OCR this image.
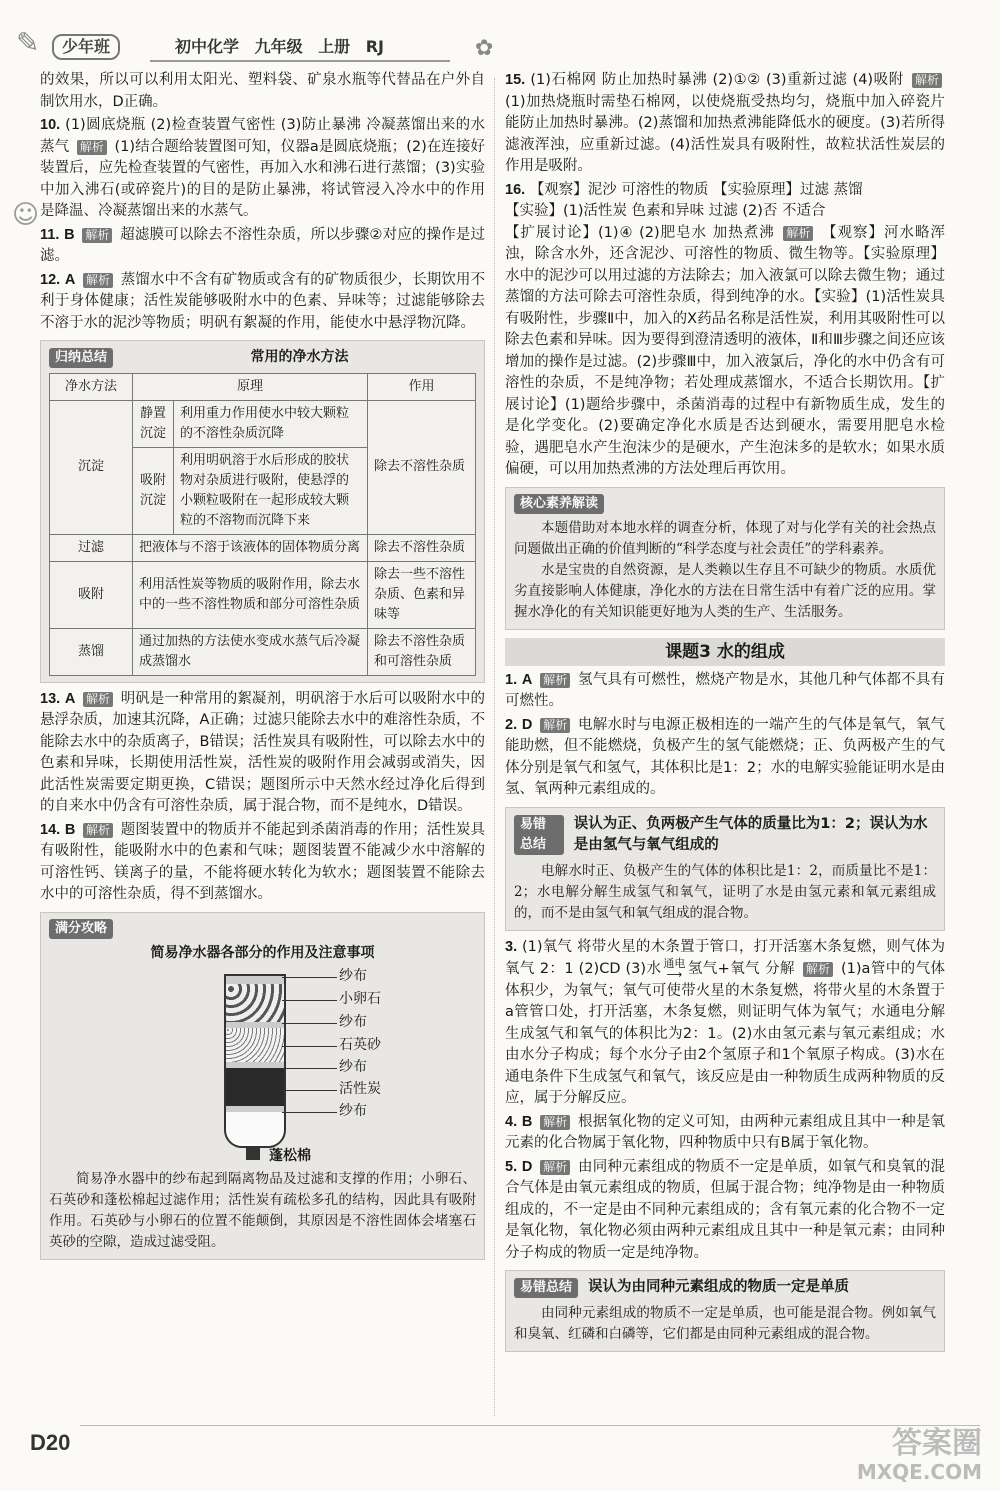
✎	少年班	初中化学 九年级 上册 RJ	✿
☺

的效果，所以可以利用太阳光、塑料袋、矿泉水瓶等代替品在户外自制饮用水，D正确。

10. (1)圆底烧瓶 (2)检查装置气密性 (3)防止暴沸 冷凝蒸馏出来的水蒸气 解析 (1)结合题给装置图可知，仪器a是圆底烧瓶；(2)在连接好装置后，应先检查装置的气密性，再加入水和沸石进行蒸馏；(3)实验中加入沸石(或碎瓷片)的目的是防止暴沸，将试管浸入冷水中的作用是降温、冷凝蒸馏出来的水蒸气。

11. B 解析 超滤膜可以除去不溶性杂质，所以步骤②对应的操作是过滤。

12. A 解析 蒸馏水中不含有矿物质或含有的矿物质很少，长期饮用不利于身体健康；活性炭能够吸附水中的色素、异味等；过滤能够除去不溶于水的泥沙等物质；明矾有絮凝的作用，能使水中悬浮物沉降。

归纳总结	常用的净水方法
净水方法	原理		作用
沉淀	静置沉淀	利用重力作用使水中较大颗粒的不溶性杂质沉降	除去不溶性杂质
	吸附沉淀	利用明矾溶于水后形成的胶状物对杂质进行吸附，使悬浮的小颗粒吸附在一起形成较大颗粒的不溶物而沉降下来	
过滤	把液体与不溶于该液体的固体物质分离		除去不溶性杂质
吸附	利用活性炭等物质的吸附作用，除去水中的一些不溶性物质和部分可溶性杂质		除去一些不溶性杂质、色素和异味等
蒸馏	通过加热的方法使水变成水蒸气后冷凝成蒸馏水		除去不溶性杂质和可溶性杂质

13. A 解析 明矾是一种常用的絮凝剂，明矾溶于水后可以吸附水中的悬浮杂质，加速其沉降，A正确；过滤只能除去水中的难溶性杂质，不能除去水中的杂质离子，B错误；活性炭具有吸附性，可以除去水中的色素和异味，长期使用活性炭，活性炭的吸附作用会减弱或消失，因此活性炭需要定期更换，C错误；题图所示中天然水经过净化后得到的自来水中仍含有可溶性杂质，属于混合物，而不是纯水，D错误。

14. B 解析 题图装置中的物质并不能起到杀菌消毒的作用；活性炭具有吸附性，能吸附水中的色素和气味；题图装置不能减少水中溶解的可溶性钙、镁离子的量，不能将硬水转化为软水；题图装置不能除去水中的可溶性杂质，得不到蒸馏水。

满分攻略
简易净水器各部分的作用及注意事项
纱布
小卵石
纱布
石英砂
纱布
活性炭
纱布
蓬松棉

简易净水器中的纱布起到隔离物品及过滤和支撑的作用；小卵石、石英砂和蓬松棉起过滤作用；活性炭有疏松多孔的结构，因此具有吸附作用。石英砂与小卵石的位置不能颠倒，其原因是不溶性固体会堵塞石英砂的空隙，造成过滤受阻。

15. (1)石棉网 防止加热时暴沸 (2)①② (3)重新过滤 (4)吸附 解析 (1)加热烧瓶时需垫石棉网，以使烧瓶受热均匀，烧瓶中加入碎瓷片能防止加热时暴沸。(2)蒸馏和加热煮沸能降低水的硬度。(3)若所得滤液浑浊，应重新过滤。(4)活性炭具有吸附性，故粒状活性炭层的作用是吸附。

16. 【观察】泥沙 可溶性的物质 【实验原理】过滤 蒸馏
【实验】(1)活性炭 色素和异味 过滤 (2)否 不适合
【扩展讨论】(1)④ (2)肥皂水 加热煮沸 解析 【观察】河水略浑浊，除含水外，还含泥沙、可溶性的物质、微生物等。【实验原理】水中的泥沙可以用过滤的方法除去；加入液氯可以除去微生物；通过蒸馏的方法可除去可溶性杂质，得到纯净的水。【实验】(1)活性炭具有吸附性，步骤Ⅱ中，加入的X药品名称是活性炭，利用其吸附性可以除去色素和异味。因为要得到澄清透明的液体，Ⅱ和Ⅲ步骤之间还应该增加的操作是过滤。(2)步骤Ⅲ中，加入液氯后，净化的水中仍含有可溶性的杂质，不是纯净物；若处理成蒸馏水，不适合长期饮用。【扩展讨论】(1)题给步骤中，杀菌消毒的过程中有新物质生成，发生的是化学变化。(2)要确定净化水质是否达到硬水，需要用肥皂水检验，遇肥皂水产生泡沫少的是硬水，产生泡沫多的是软水；如果水质偏硬，可以用加热煮沸的方法处理后再饮用。

核心素养解读

本题借助对本地水样的调查分析，体现了对与化学有关的社会热点问题做出正确的价值判断的“科学态度与社会责任”的学科素养。

水是宝贵的自然资源，是人类赖以生存且不可缺少的物质。水质优劣直接影响人体健康，净化水的方法在日常生活中有着广泛的应用。掌握水净化的有关知识能更好地为人类的生产、生活服务。

课题3 水的组成

1. A 解析 氢气具有可燃性，燃烧产物是水，其他几种气体都不具有可燃性。

2. D 解析 电解水时与电源正极相连的一端产生的气体是氧气，氧气能助燃，但不能燃烧，负极产生的氢气能燃烧；正、负两极产生的气体分别是氧气和氢气，其体积比是1：2；水的电解实验能证明水是由氢、氧两种元素组成的。

易错总结
误认为正、负两极产生气体的质量比为1：2；误认为水是由氢气与氧气组成的

电解水时正、负极产生的气体的体积比是1：2，而质量比不是1：2；水电解分解生成氢气和氧气，证明了水是由氢元素和氧元素组成的，而不是由氢气和氧气组成的混合物。

3. (1)氧气 将带火星的木条置于管口，打开活塞木条复燃，则气体为氧气 2：1 (2)CD (3)水 通电
⟶ 氢气+氧气 分解 解析 (1)a管中的气体体积少，为氧气；氧气可使带火星的木条复燃，将带火星的木条置于a管管口处，打开活塞，木条复燃，则证明气体为氧气；水通电分解生成氢气和氧气的体积比为2：1。(2)水由氢元素与氧元素组成；水由水分子构成；每个水分子由2个氢原子和1个氧原子构成。(3)水在通电条件下生成氢气和氧气，该反应是由一种物质生成两种物质的反应，属于分解反应。

4. B 解析 根据氧化物的定义可知，由两种元素组成且其中一种是氧元素的化合物属于氧化物，四种物质中只有B属于氧化物。

5. D 解析 由同种元素组成的物质不一定是单质，如氧气和臭氧的混合气体是由氧元素组成的物质，但属于混合物；纯净物是由一种物质组成的，不一定是由不同种元素组成的；含有氧元素的化合物不一定是氧化物，氧化物必须由两种元素组成且其中一种是氧元素；由同种分子构成的物质一定是纯净物。

易错总结	误认为由同种元素组成的物质一定是单质

由同种元素组成的物质不一定是单质，也可能是混合物。例如氧气和臭氧、红磷和白磷等，它们都是由同种元素组成的混合物。

D20	答案圈
MXQE.COM
